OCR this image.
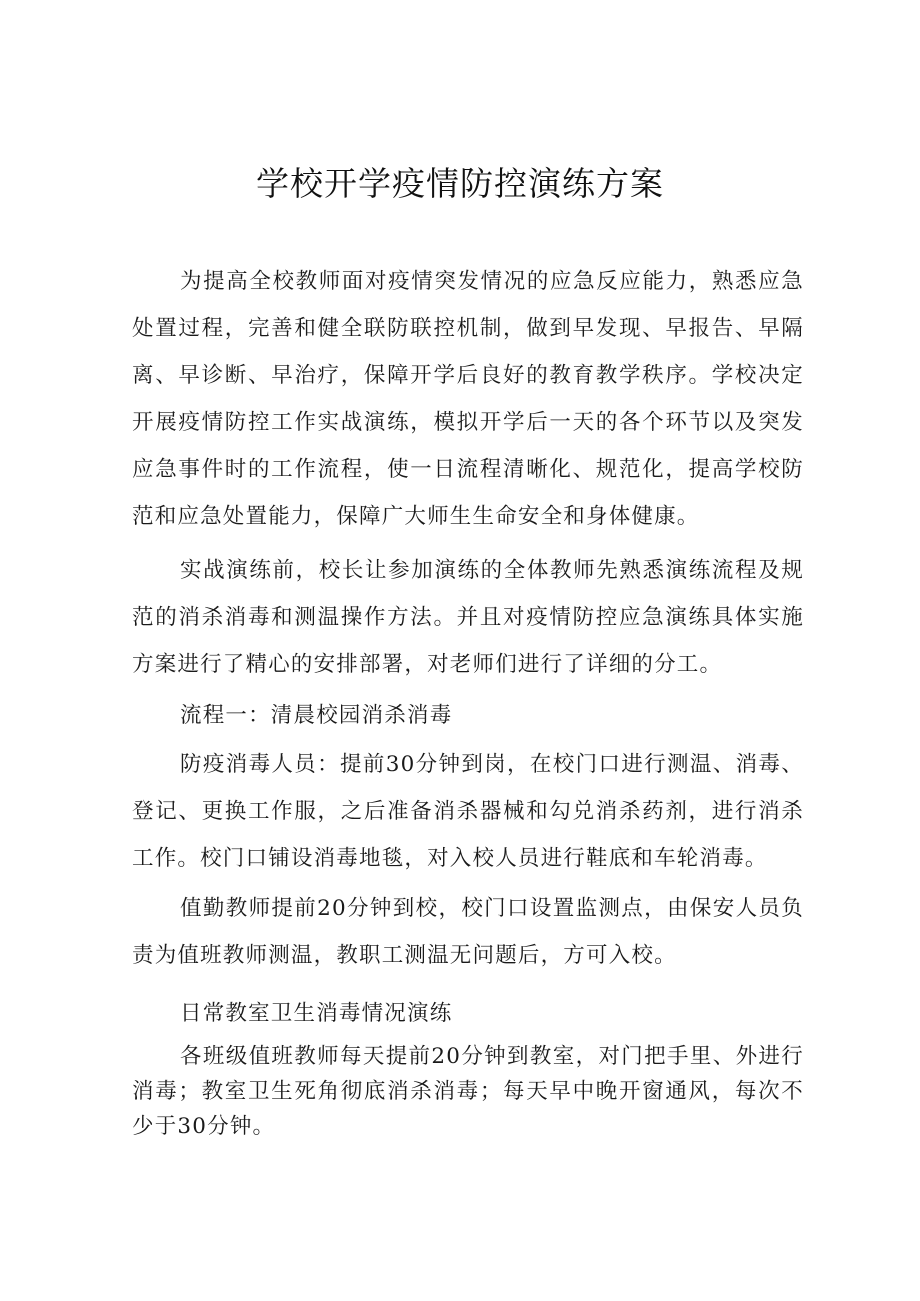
学校开学疫情防控演练方案

为提高全校教师面对疫情突发情况的应急反应能力，熟悉应急处置过程，完善和健全联防联控机制，做到早发现、早报告、早隔离、早诊断、早治疗，保障开学后良好的教育教学秩序。学校决定开展疫情防控工作实战演练，模拟开学后一天的各个环节以及突发应急事件时的工作流程，使一日流程清晰化、规范化，提高学校防范和应急处置能力，保障广大师生生命安全和身体健康。

实战演练前，校长让参加演练的全体教师先熟悉演练流程及规范的消杀消毒和测温操作方法。并且对疫情防控应急演练具体实施方案进行了精心的安排部署，对老师们进行了详细的分工。

流程一：清晨校园消杀消毒

防疫消毒人员：提前30分钟到岗，在校门口进行测温、消毒、登记、更换工作服，之后准备消杀器械和勾兑消杀药剂，进行消杀工作。校门口铺设消毒地毯，对入校人员进行鞋底和车轮消毒。

值勤教师提前20分钟到校，校门口设置监测点，由保安人员负责为值班教师测温，教职工测温无问题后，方可入校。

日常教室卫生消毒情况演练

各班级值班教师每天提前20分钟到教室，对门把手里、外进行消毒；教室卫生死角彻底消杀消毒；每天早中晚开窗通风，每次不少于30分钟。
